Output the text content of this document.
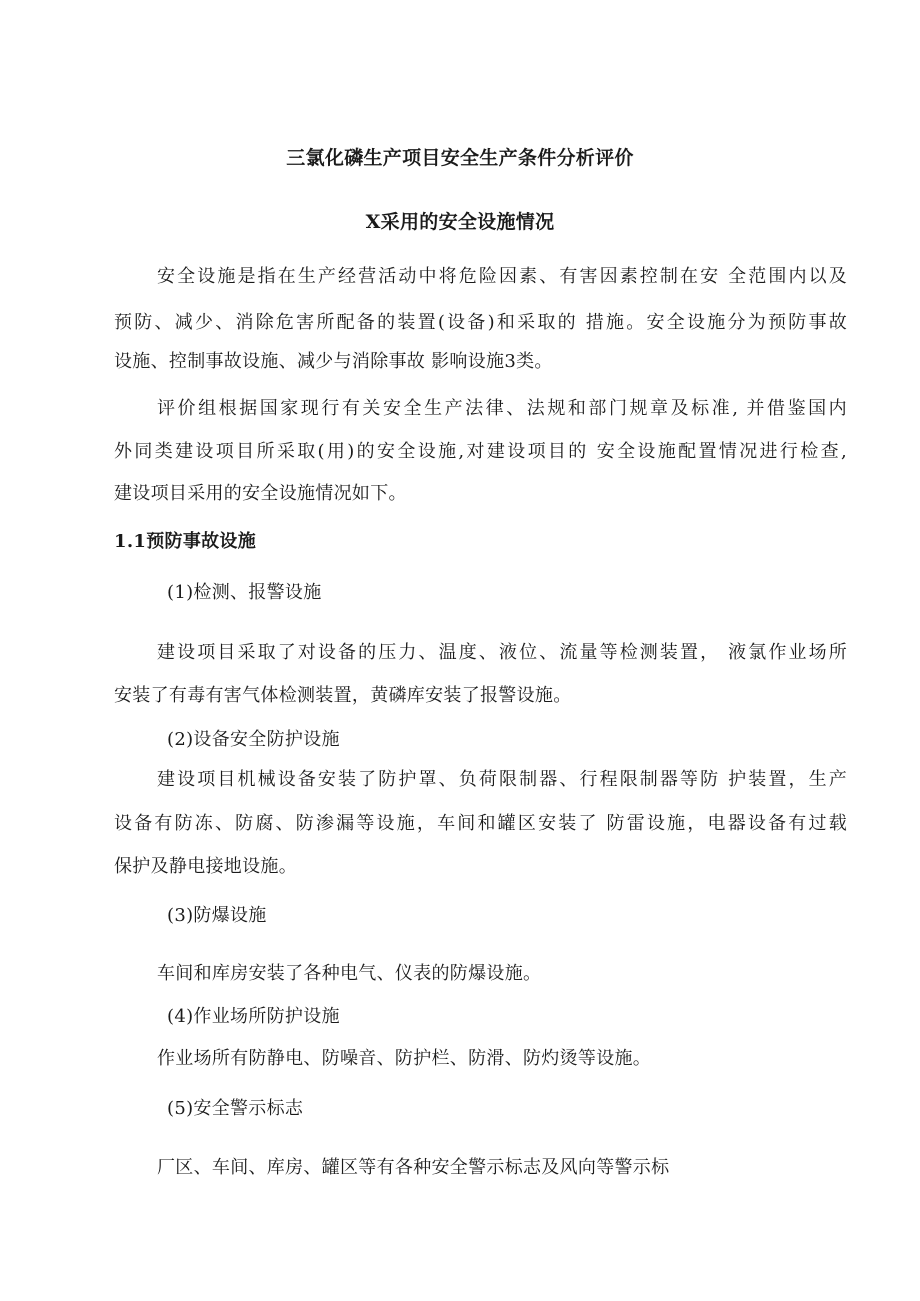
三氯化磷生产项目安全生产条件分析评价
X采用的安全设施情况
安全设施是指在生产经营活动中将危险因素、有害因素控制在安 全范围内以及
预防、减少、消除危害所配备的装置(设备)和采取的 措施。安全设施分为预防事故
设施、控制事故设施、减少与消除事故 影响设施3类。
评价组根据国家现行有关安全生产法律、法规和部门规章及标准, 并借鉴国内
外同类建设项目所采取(用)的安全设施,对建设项目的 安全设施配置情况进行检查,
建设项目采用的安全设施情况如下。
1.1预防事故设施
(1)检测、报警设施
建设项目采取了对设备的压力、温度、液位、流量等检测装置， 液氯作业场所
安装了有毒有害气体检测装置，黄磷库安装了报警设施。
(2)设备安全防护设施
建设项目机械设备安装了防护罩、负荷限制器、行程限制器等防 护装置，生产
设备有防冻、防腐、防渗漏等设施，车间和罐区安装了 防雷设施，电器设备有过载
保护及静电接地设施。
(3)防爆设施
车间和库房安装了各种电气、仪表的防爆设施。
(4)作业场所防护设施
作业场所有防静电、防噪音、防护栏、防滑、防灼烫等设施。
(5)安全警示标志
厂区、车间、库房、罐区等有各种安全警示标志及风向等警示标
